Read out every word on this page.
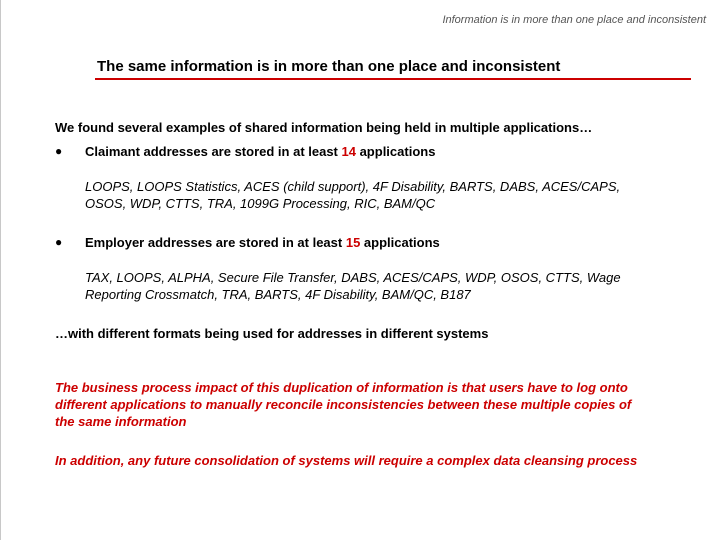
Information is in more than one place and inconsistent
The same information is in more than one place and inconsistent
We found several examples of shared information being held in multiple applications…
● Claimant addresses are stored in at least 14 applications
LOOPS, LOOPS Statistics, ACES (child support), 4F Disability, BARTS, DABS, ACES/CAPS,
OSOS, WDP, CTTS, TRA, 1099G Processing, RIC, BAM/QC
● Employer addresses are stored in at least 15 applications
TAX, LOOPS, ALPHA, Secure File Transfer, DABS, ACES/CAPS, WDP, OSOS, CTTS, Wage
Reporting Crossmatch, TRA, BARTS, 4F Disability, BAM/QC, B187
…with different formats being used for addresses in different systems
The business process impact of this duplication of information is that users have to log onto
different applications to manually reconcile inconsistencies between these multiple copies of
the same information
In addition, any future consolidation of systems will require a complex data cleansing process
